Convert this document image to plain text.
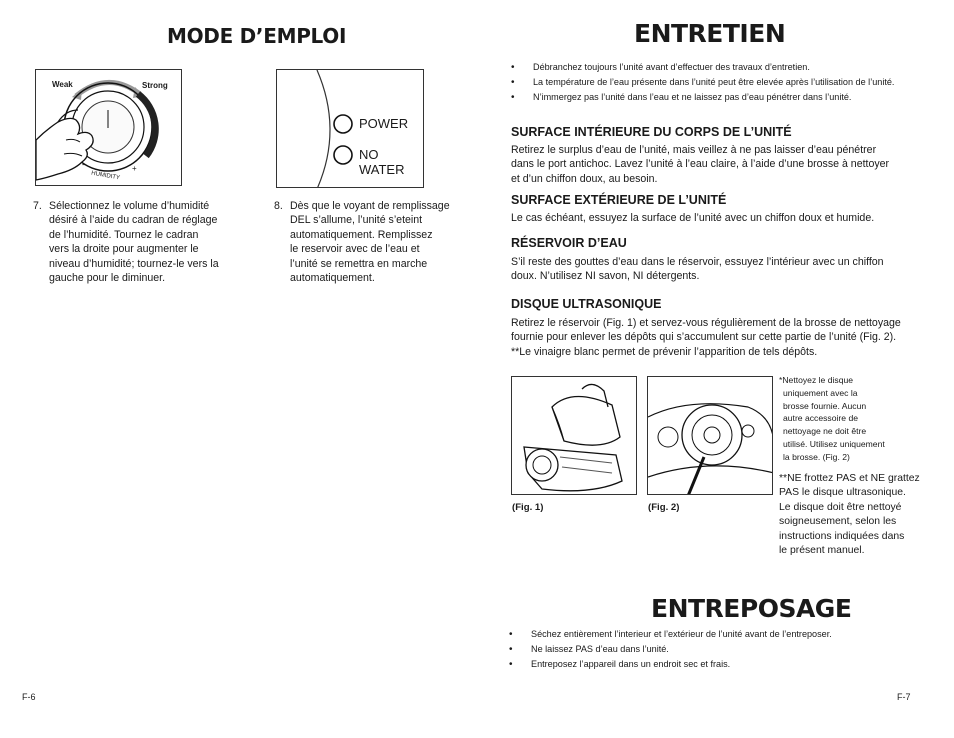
MODE D’EMPLOI
Weak	Strong
HUMIDITY
–	+
POWER
NO WATER
7. Sélectionnez le volume d’humidité
désiré à l’aide du cadran de réglage
de l’humidité. Tournez le cadran
vers la droite pour augmenter le
niveau d’humidité; tournez-le vers la
gauche pour le diminuer.
8. Dès que le voyant de remplissage
DEL s’allume, l’unité s’eteint
automatiquement. Remplissez
le reservoir avec de l’eau et
l’unité se remettra en marche
automatiquement.
F-6
ENTRETIEN
• Débranchez toujours l’unité avant d’effectuer des travaux d’entretien.
• La température de l’eau présente dans l’unité peut être elevée après l’utilisation de l’unité.
• N’immergez pas l’unité dans l’eau et ne laissez pas d’eau pénétrer dans l’unité.
SURFACE INTÉRIEURE DU CORPS DE L’UNITÉ
Retirez le surplus d’eau de l’unité, mais veillez à ne pas laisser d’eau pénétrer
dans le port antichoc. Lavez l’unité à l’eau claire, à l’aide d’une brosse à nettoyer
et d’un chiffon doux, au besoin.
SURFACE EXTÉRIEURE DE L’UNITÉ
Le cas échéant, essuyez la surface de l’unité avec un chiffon doux et humide.
RÉSERVOIR D’EAU
S’il reste des gouttes d’eau dans le réservoir, essuyez l’intérieur avec un chiffon
doux. N’utilisez NI savon, NI détergents.
DISQUE ULTRASONIQUE
Retirez le réservoir (Fig. 1) et servez-vous régulièrement de la brosse de nettoyage
fournie pour enlever les dépôts qui s’accumulent sur cette partie de l’unité (Fig. 2).
**Le vinaigre blanc permet de prévenir l’apparition de tels dépôts.
(Fig. 1)	(Fig. 2)
*Nettoyez le disque
uniquement avec la
brosse fournie. Aucun
autre accessoire de
nettoyage ne doit être
utilisé. Utilisez uniquement
la brosse. (Fig. 2)
**NE frottez PAS et NE grattez
PAS le disque ultrasonique.
Le disque doit être nettoyé
soigneusement, selon les
instructions indiquées dans
le présent manuel.
ENTREPOSAGE
• Séchez entièrement l’interieur et l’extérieur de l’unité avant de l’entreposer.
• Ne laissez PAS d’eau dans l’unité.
• Entreposez l’appareil dans un endroit sec et frais.
F-7
